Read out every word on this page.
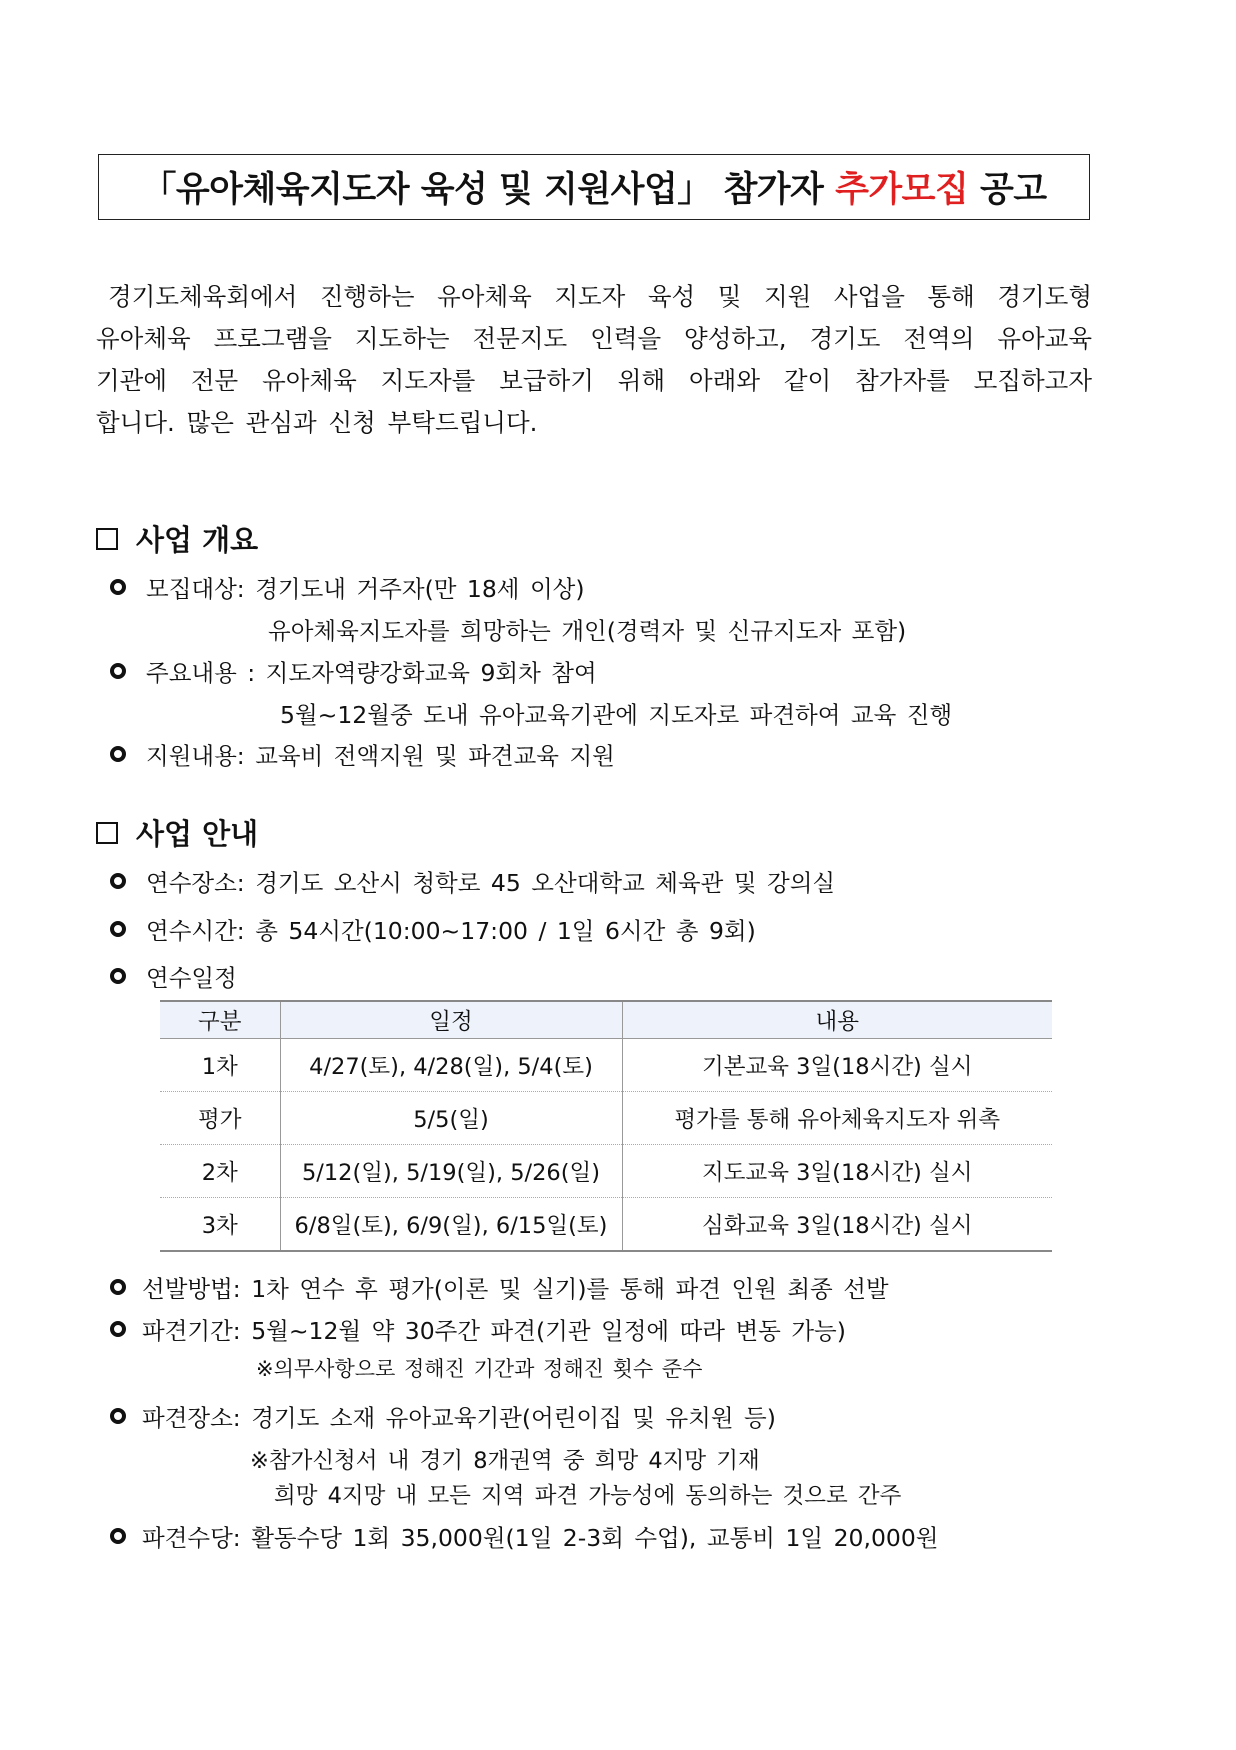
「유아체육지도자 육성 및 지원사업」 참가자 추가모집 공고
경기도체육회에서 진행하는 유아체육 지도자 육성 및 지원 사업을 통해 경기도형
유아체육 프로그램을 지도하는 전문지도 인력을 양성하고, 경기도 전역의 유아교육
기관에 전문 유아체육 지도자를 보급하기 위해 아래와 같이 참가자를 모집하고자
합니다. 많은 관심과 신청 부탁드립니다.
사업 개요
모집대상: 경기도내 거주자(만 18세 이상)
유아체육지도자를 희망하는 개인(경력자 및 신규지도자 포함)
주요내용 : 지도자역량강화교육 9회차 참여
5월~12월중 도내 유아교육기관에 지도자로 파견하여 교육 진행
지원내용: 교육비 전액지원 및 파견교육 지원
사업 안내
연수장소: 경기도 오산시 청학로 45 오산대학교 체육관 및 강의실
연수시간: 총 54시간(10:00~17:00 / 1일 6시간 총 9회)
연수일정
구분	일정	내용
1차	4/27(토), 4/28(일), 5/4(토)	기본교육 3일(18시간) 실시
평가	5/5(일)	평가를 통해 유아체육지도자 위촉
2차	5/12(일), 5/19(일), 5/26(일)	지도교육 3일(18시간) 실시
3차	6/8일(토), 6/9(일), 6/15일(토)	심화교육 3일(18시간) 실시
선발방법: 1차 연수 후 평가(이론 및 실기)를 통해 파견 인원 최종 선발
파견기간: 5월~12월 약 30주간 파견(기관 일정에 따라 변동 가능)
※의무사항으로 정해진 기간과 정해진 횟수 준수
파견장소: 경기도 소재 유아교육기관(어린이집 및 유치원 등)
※참가신청서 내 경기 8개권역 중 희망 4지망 기재
희망 4지망 내 모든 지역 파견 가능성에 동의하는 것으로 간주
파견수당: 활동수당 1회 35,000원(1일 2-3회 수업), 교통비 1일 20,000원
